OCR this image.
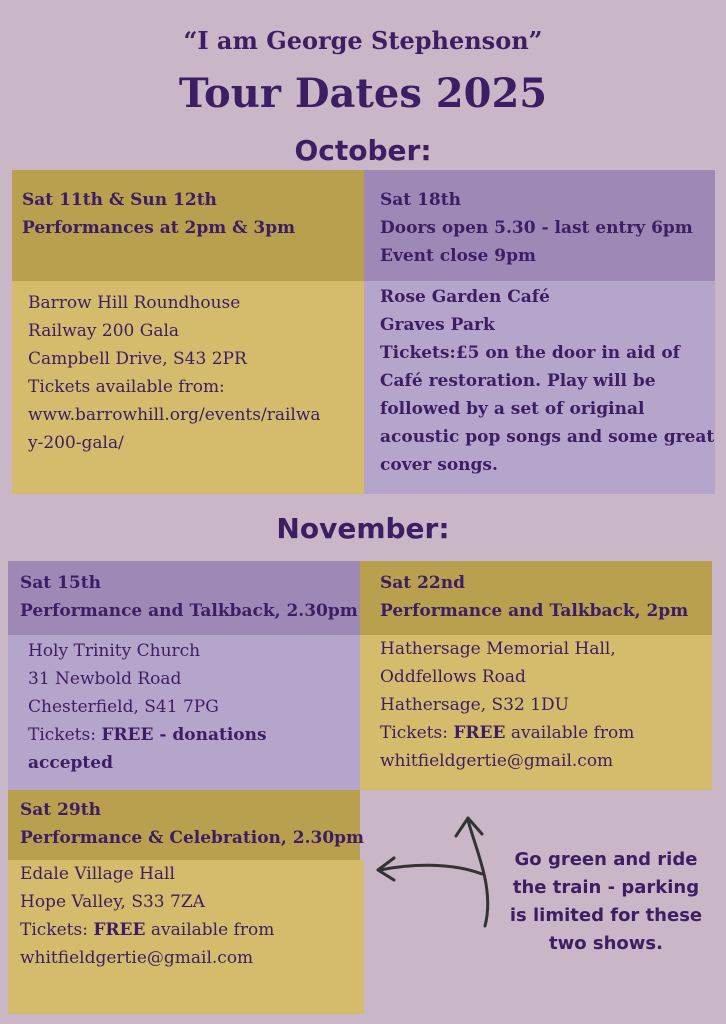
“I am George Stephenson”
Tour Dates 2025
October:
Sat 11th & Sun 12th
Performances at 2pm & 3pm
Barrow Hill Roundhouse
Railway 200 Gala
Campbell Drive, S43 2PR
Tickets available from:
www.barrowhill.org/events/railwa
y-200-gala/
Sat 18th
Doors open 5.30 - last entry 6pm
Event close 9pm
Rose Garden Café
Graves Park
Tickets:£5 on the door in aid of
Café restoration. Play will be
followed by a set of original
acoustic pop songs and some great
cover songs.
November:
Sat 15th
Performance and Talkback, 2.30pm
Holy Trinity Church
31 Newbold Road
Chesterfield, S41 7PG
Tickets: FREE - donations
accepted
Sat 22nd
Performance and Talkback, 2pm
Hathersage Memorial Hall,
Oddfellows Road
Hathersage, S32 1DU
Tickets: FREE available from
whitfieldgertie@gmail.com
Sat 29th
Performance & Celebration, 2.30pm
Edale Village Hall
Hope Valley, S33 7ZA
Tickets: FREE available from
whitfieldgertie@gmail.com
Go green and ride
the train - parking
is limited for these
two shows.
